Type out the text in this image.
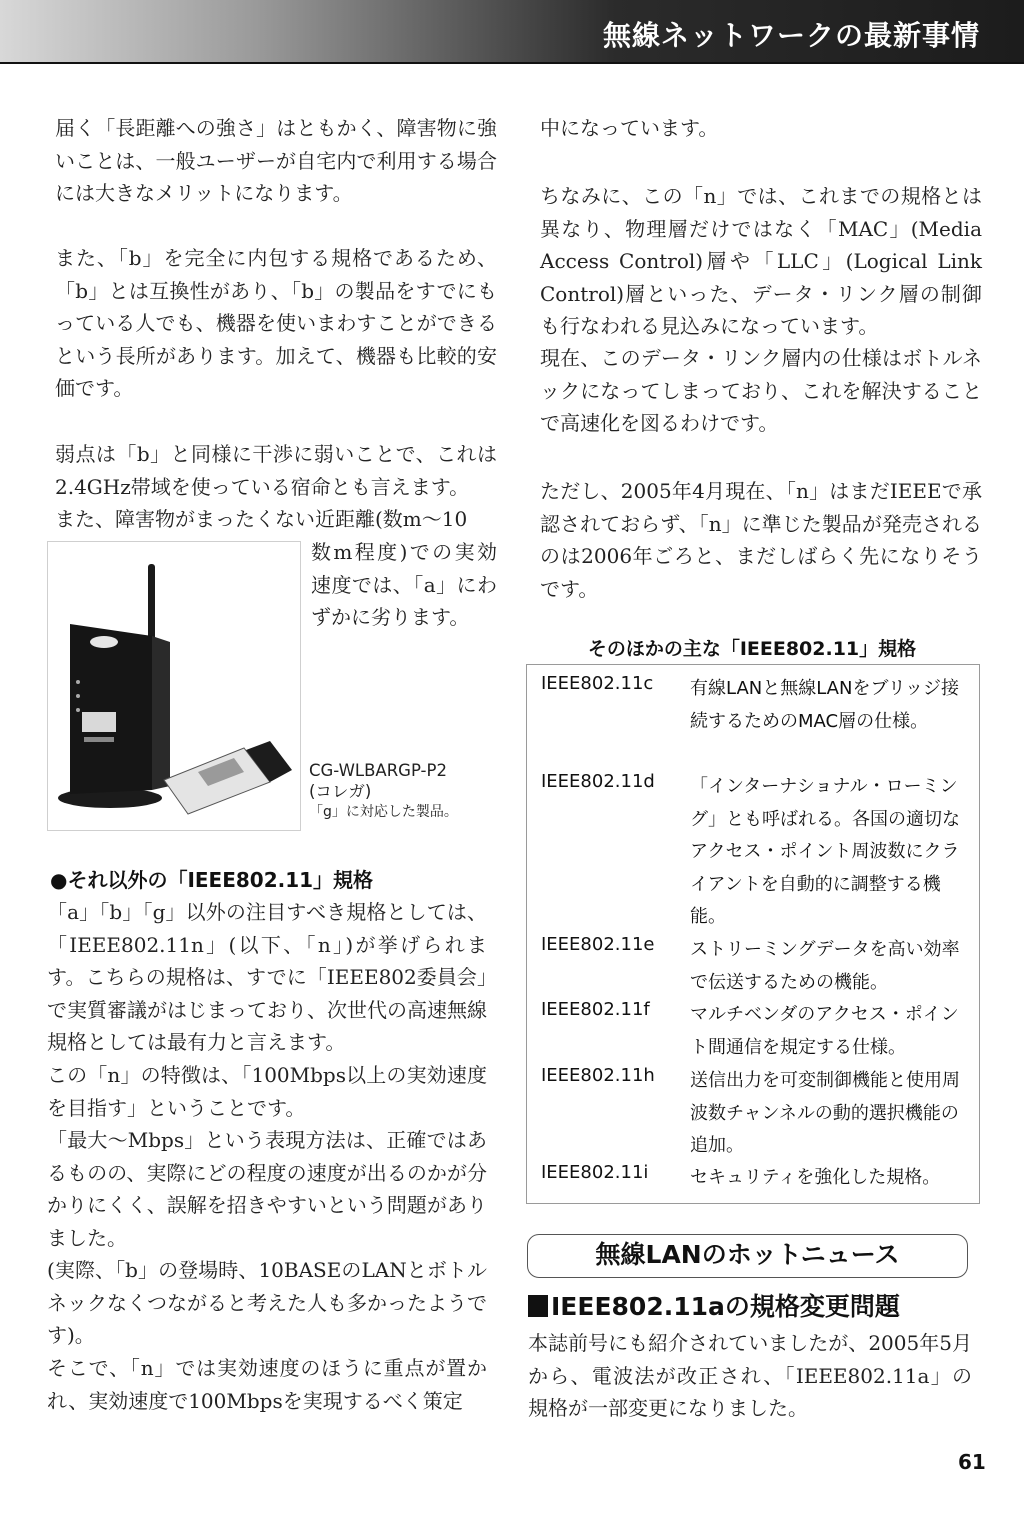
無線ネットワークの最新事情

届く「長距離への強さ」はともかく、障害物に強いことは、一般ユーザーが自宅内で利用する場合には大きなメリットになります。

また、「b」を完全に内包する規格であるため、「b」とは互換性があり、「b」の製品をすでにもっている人でも、機器を使いまわすことができるという長所があります。加えて、機器も比較的安価です。

弱点は「b」と同様に干渉に弱いことで、これは2.4GHz帯域を使っている宿命とも言えます。

また、障害物がまったくない近距離(数m～10

数m程度)での実効速度では、「a」にわずかに劣ります。

CG-WLBARGP-P2
(コレガ)
「g」に対応した製品。
●それ以外の「IEEE802.11」規格

「a」「b」「g」以外の注目すべき規格としては、「IEEE802.11n」(以下、「n」)が挙げられます。こちらの規格は、すでに「IEEE802委員会」で実質審議がはじまっており、次世代の高速無線規格としては最有力と言えます。

この「n」の特徴は、「100Mbps以上の実効速度を目指す」ということです。

「最大～Mbps」という表現方法は、正確ではあるものの、実際にどの程度の速度が出るのかが分かりにくく、誤解を招きやすいという問題がありました。

(実際、「b」の登場時、10BASEのLANとボトルネックなくつながると考えた人も多かったようです)。

そこで、「n」では実効速度のほうに重点が置かれ、実効速度で100Mbpsを実現するべく策定

中になっています。

ちなみに、この「n」では、これまでの規格とは異なり、物理層だけではなく「MAC」(Media Access Control)層や「LLC」(Logical Link Control)層といった、データ・リンク層の制御も行なわれる見込みになっています。

現在、このデータ・リンク層内の仕様はボトルネックになってしまっており、これを解決することで高速化を図るわけです。

ただし、2005年4月現在、「n」はまだIEEEで承認されておらず、「n」に準じた製品が発売されるのは2006年ごろと、まだしばらく先になりそうです。

そのほかの主な「IEEE802.11」規格
IEEE802.11c 有線LANと無線LANをブリッジ接続するためのMAC層の仕様。
IEEE802.11d 「インターナショナル・ローミング」とも呼ばれる。各国の適切なアクセス・ポイント周波数にクライアントを自動的に調整する機能。
IEEE802.11e ストリーミングデータを高い効率で伝送するための機能。
IEEE802.11f マルチベンダのアクセス・ポイント間通信を規定する仕様。
IEEE802.11h 送信出力を可変制御機能と使用周波数チャンネルの動的選択機能の追加。
IEEE802.11i セキュリティを強化した規格。
無線LANのホットニュース
IEEE802.11aの規格変更問題

本誌前号にも紹介されていましたが、2005年5月から、電波法が改正され、「IEEE802.11a」の規格が一部変更になりました。

61
